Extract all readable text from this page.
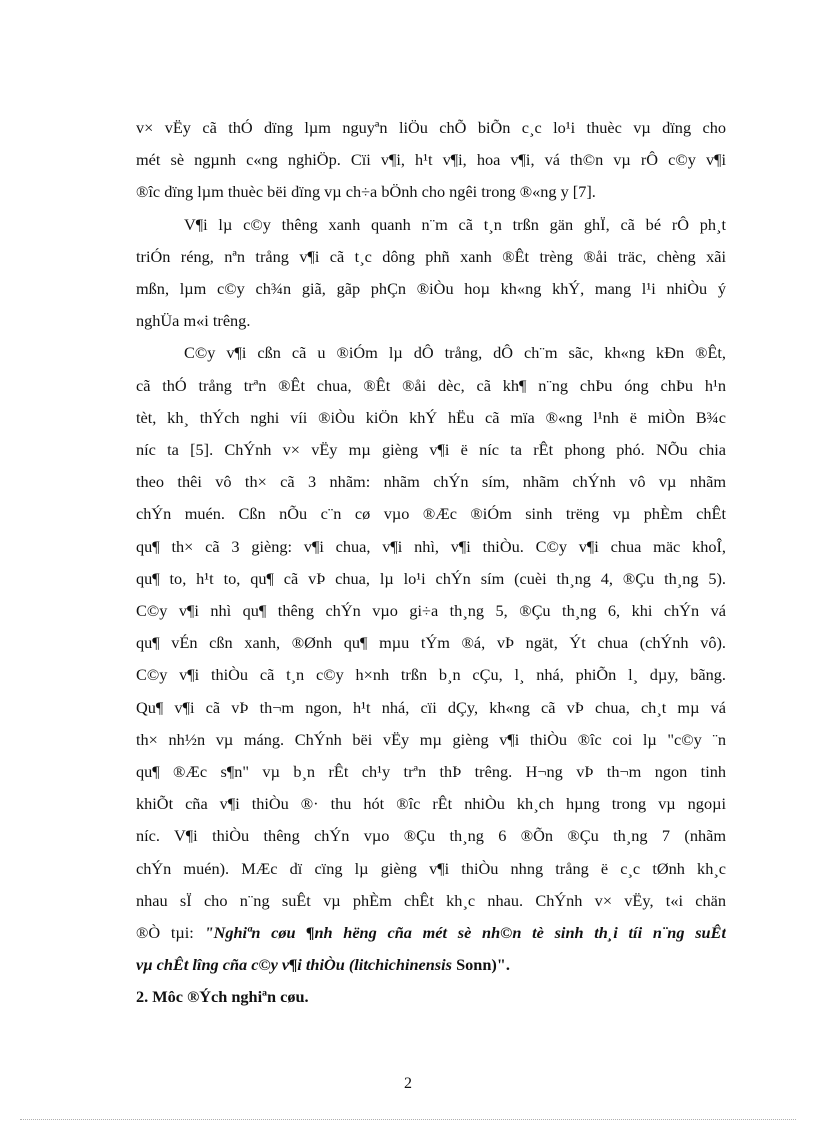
v× vËy cã thÓ dïng lµm nguyªn liÖu chÕ biÕn c¸c lo¹i thuèc vµ dïng cho
mét sè ngµnh c«ng nghiÖp. Cïi v¶i, h¹t v¶i, hoa v¶i, vá th©n vµ rÔ c©y v¶i
®îc dïng lµm thuèc bëi dïng vµ ch÷a bÖnh cho ngêi trong ®«ng y [7].
V¶i lµ c©y thêng xanh quanh n¨m cã t¸n trßn gän ghÏ, cã bé rÔ ph¸t
triÓn réng, nªn trång v¶i cã t¸c dông phñ xanh ®Êt trèng ®åi träc, chèng xãi
mßn, lµm c©y ch¾n giã, gãp phÇn ®iÒu hoµ kh«ng khÝ, mang l¹i nhiÒu ý
nghÜa m«i trêng.
C©y v¶i cßn cã u ®iÓm lµ dÔ trång, dÔ ch¨m sãc, kh«ng kÐn ®Êt,
cã thÓ trång trªn ®Êt chua, ®Êt ®åi dèc, cã kh¶ n¨ng chÞu óng chÞu h¹n
tèt, kh¸ thÝch nghi víi ®iÒu kiÖn khÝ hËu cã mïa ®«ng l¹nh ë miÒn B¾c
níc ta [5]. ChÝnh v× vËy mµ gièng v¶i ë níc ta rÊt phong phó. NÕu chia
theo thêi vô th× cã 3 nhãm: nhãm chÝn sím, nhãm chÝnh vô vµ nhãm
chÝn muén. Cßn nÕu c¨n cø vµo ®Æc ®iÓm sinh trëng vµ phÈm chÊt
qu¶ th× cã 3 gièng: v¶i chua, v¶i nhì, v¶i thiÒu. C©y v¶i chua mäc khoÎ,
qu¶ to, h¹t to, qu¶ cã vÞ chua, lµ lo¹i chÝn sím (cuèi th¸ng 4, ®Çu th¸ng 5).
C©y v¶i nhì qu¶ thêng chÝn vµo gi÷a th¸ng 5, ®Çu th¸ng 6, khi chÝn vá
qu¶ vÉn cßn xanh, ®Ønh qu¶ mµu tÝm ®á, vÞ ngät, Ýt chua (chÝnh vô).
C©y v¶i thiÒu cã t¸n c©y h×nh trßn b¸n cÇu, l¸ nhá, phiÕn l¸ dµy, bãng.
Qu¶ v¶i cã vÞ th¬m ngon, h¹t nhá, cïi dÇy, kh«ng cã vÞ chua, ch¸t mµ vá
th× nh½n vµ máng. ChÝnh bëi vËy mµ gièng v¶i thiÒu ®îc coi lµ "c©y ¨n
qu¶ ®Æc s¶n" vµ b¸n rÊt ch¹y trªn thÞ trêng. H¬ng vÞ th¬m ngon tinh
khiÕt cña v¶i thiÒu ®· thu hót ®îc rÊt nhiÒu kh¸ch hµng trong vµ ngoµi
níc. V¶i thiÒu thêng chÝn vµo ®Çu th¸ng 6 ®Õn ®Çu th¸ng 7 (nhãm
chÝn muén). MÆc dï cïng lµ gièng v¶i thiÒu nhng trång ë c¸c tØnh kh¸c
nhau sÏ cho n¨ng suÊt vµ phÈm chÊt kh¸c nhau. ChÝnh v× vËy, t«i chän
®Ò tµi: "Nghiªn cøu ¶nh hëng cña mét sè nh©n tè sinh th¸i tíi n¨ng suÊt
vµ chÊt lîng cña c©y v¶i thiÒu (litchichinensis Sonn)".
2. Môc ®Ých nghiªn cøu.
2
